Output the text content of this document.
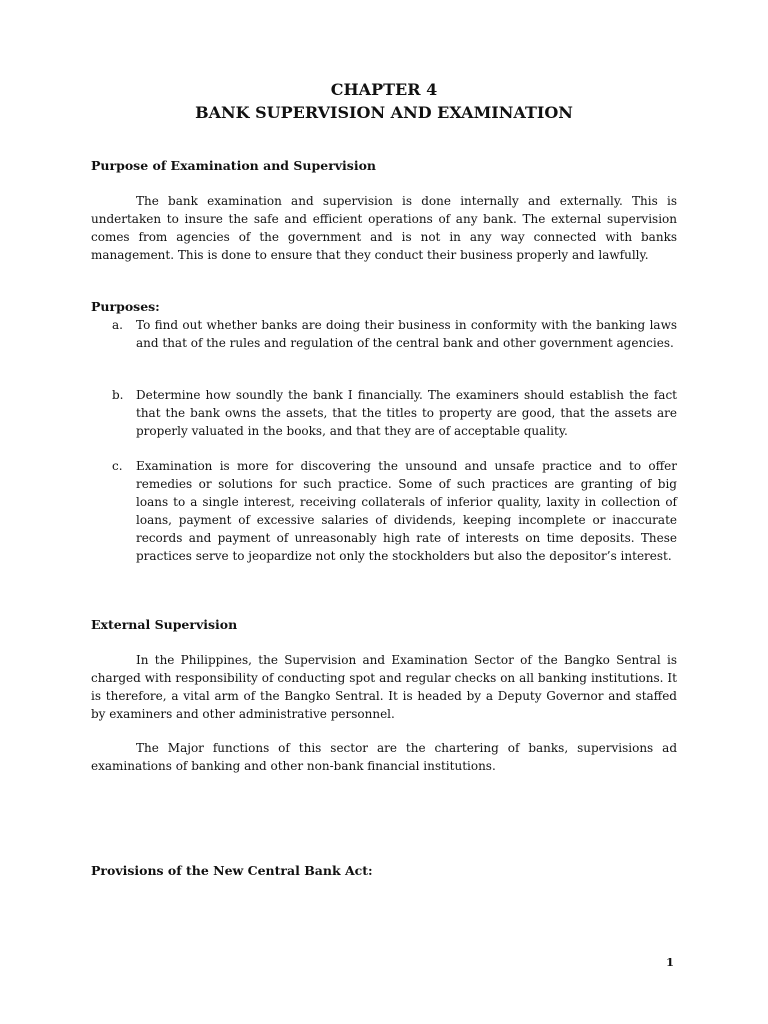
CHAPTER 4
BANK SUPERVISION AND EXAMINATION
Purpose of Examination and Supervision
The bank examination and supervision is done internally and externally. This is undertaken to insure the safe and efficient operations of any bank. The external supervision comes from agencies of the government and is not in any way connected with banks management. This is done to ensure that they conduct their business properly and lawfully.
Purposes:
a. To find out whether banks are doing their business in conformity with the banking laws and that of the rules and regulation of the central bank and other government agencies.
b. Determine how soundly the bank I financially. The examiners should establish the fact that the bank owns the assets, that the titles to property are good, that the assets are properly valuated in the books, and that they are of acceptable quality.
c. Examination is more for discovering the unsound and unsafe practice and to offer remedies or solutions for such practice. Some of such practices are granting of big loans to a single interest, receiving collaterals of inferior quality, laxity in collection of loans, payment of excessive salaries of dividends, keeping incomplete or inaccurate records and payment of unreasonably high rate of interests on time deposits. These practices serve to jeopardize not only the stockholders but also the depositor’s interest.
External Supervision
In the Philippines, the Supervision and Examination Sector of the Bangko Sentral is charged with responsibility of conducting spot and regular checks on all banking institutions. It is therefore, a vital arm of the Bangko Sentral. It is headed by a Deputy Governor and staffed by examiners and other administrative personnel.
The Major functions of this sector are the chartering of banks, supervisions ad examinations of banking and other non-bank financial institutions.
Provisions of the New Central Bank Act:
1
